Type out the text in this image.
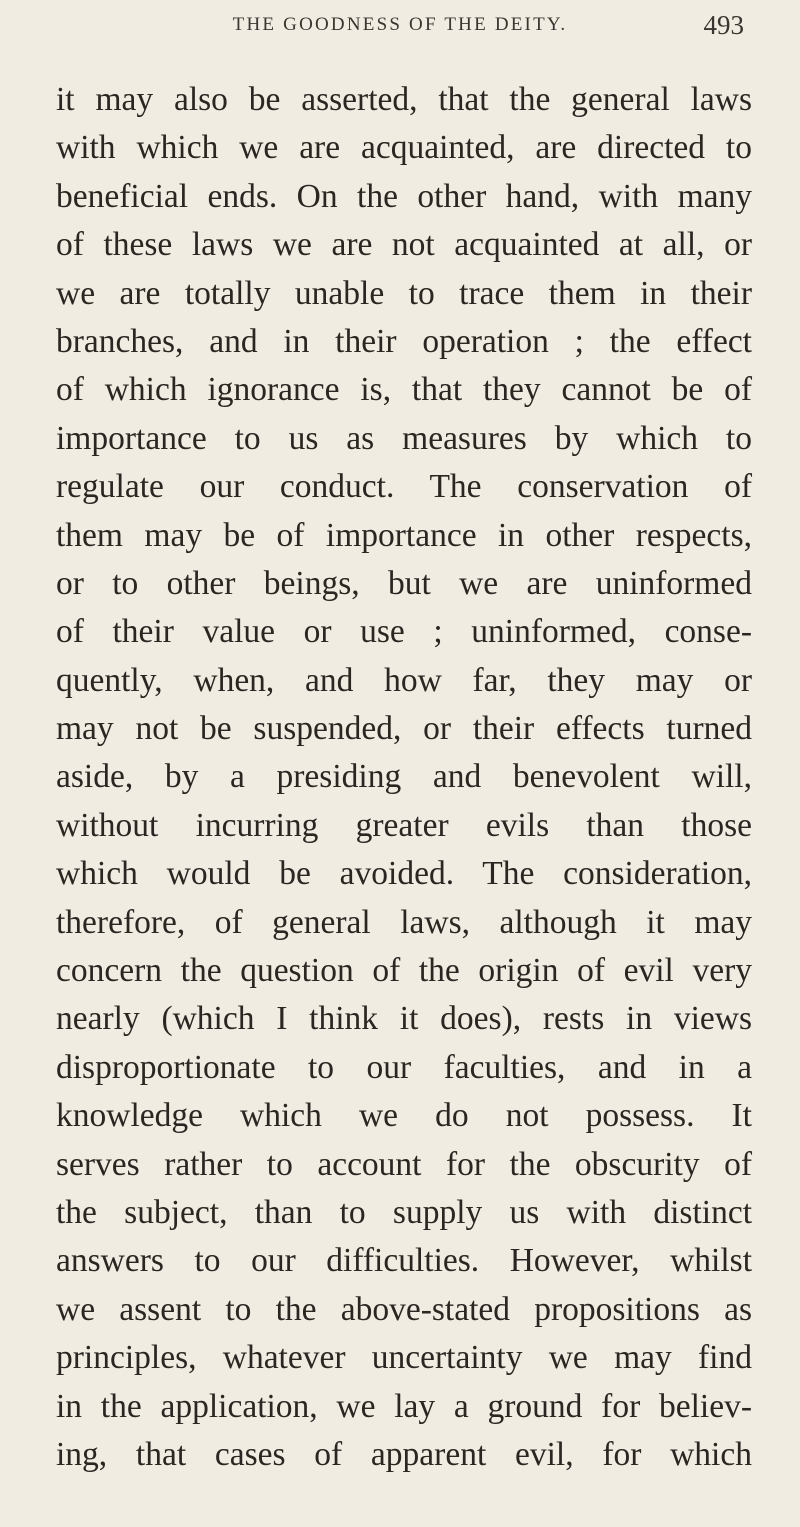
THE GOODNESS OF THE DEITY.	493
it may also be asserted, that the general laws
with which we are acquainted, are directed to
beneficial ends. On the other hand, with many
of these laws we are not acquainted at all, or
we are totally unable to trace them in their
branches, and in their operation ; the effect
of which ignorance is, that they cannot be of
importance to us as measures by which to
regulate our conduct. The conservation of
them may be of importance in other respects,
or to other beings, but we are uninformed
of their value or use ; uninformed, conse-
quently, when, and how far, they may or
may not be suspended, or their effects turned
aside, by a presiding and benevolent will,
without incurring greater evils than those
which would be avoided. The consideration,
therefore, of general laws, although it may
concern the question of the origin of evil very
nearly (which I think it does), rests in views
disproportionate to our faculties, and in a
knowledge which we do not possess. It
serves rather to account for the obscurity of
the subject, than to supply us with distinct
answers to our difficulties. However, whilst
we assent to the above-stated propositions as
principles, whatever uncertainty we may find
in the application, we lay a ground for believ-
ing, that cases of apparent evil, for which
